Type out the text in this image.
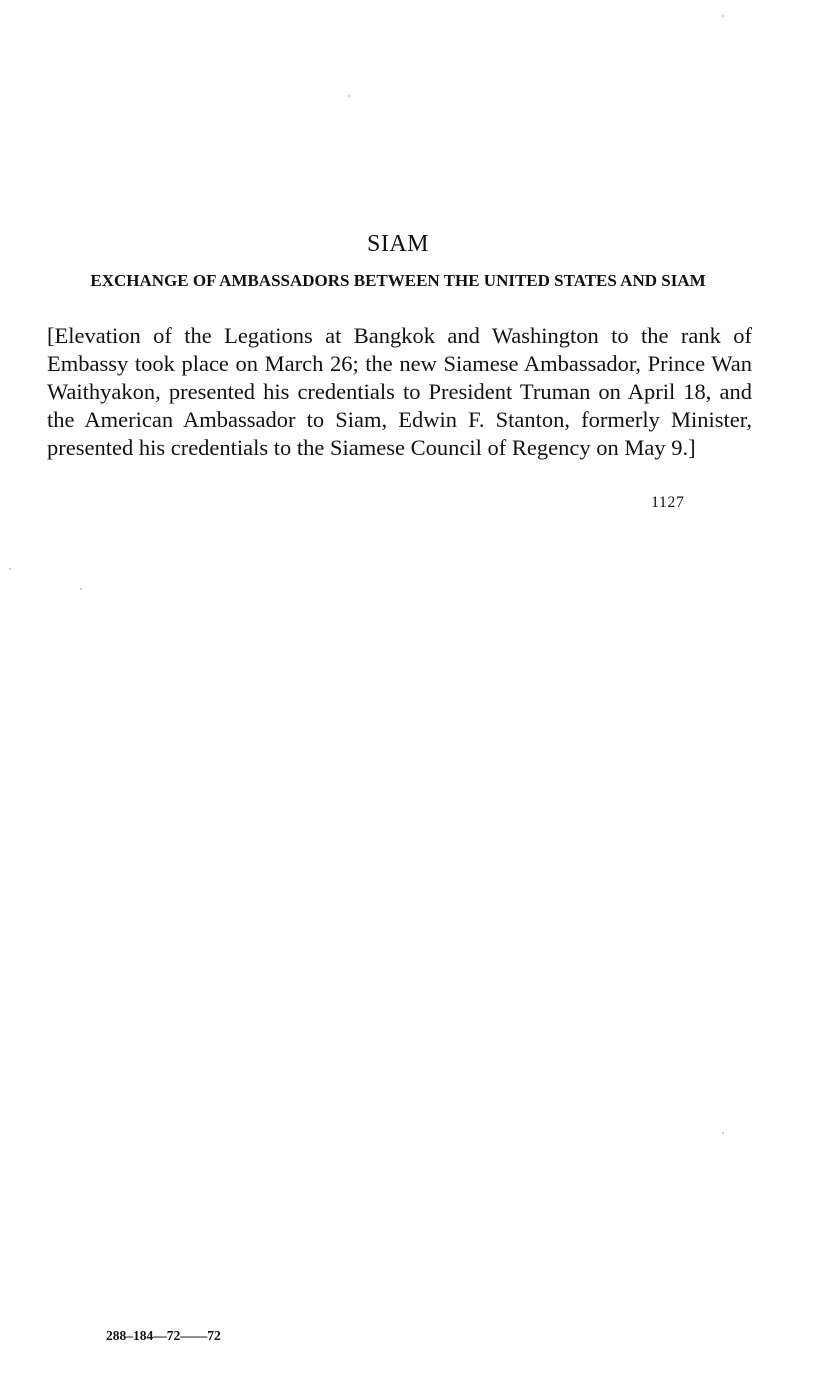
SIAM
EXCHANGE OF AMBASSADORS BETWEEN THE UNITED STATES AND SIAM

[Elevation of the Legations at Bangkok and Washington to the rank of Embassy took place on March 26; the new Siamese Ambassador, Prince Wan Waithyakon, presented his credentials to President Truman on April 18, and the American Ambassador to Siam, Edwin F. Stanton, formerly Minister, presented his credentials to the Siamese Council of Regency on May 9.]

1127
288–184—72——72
